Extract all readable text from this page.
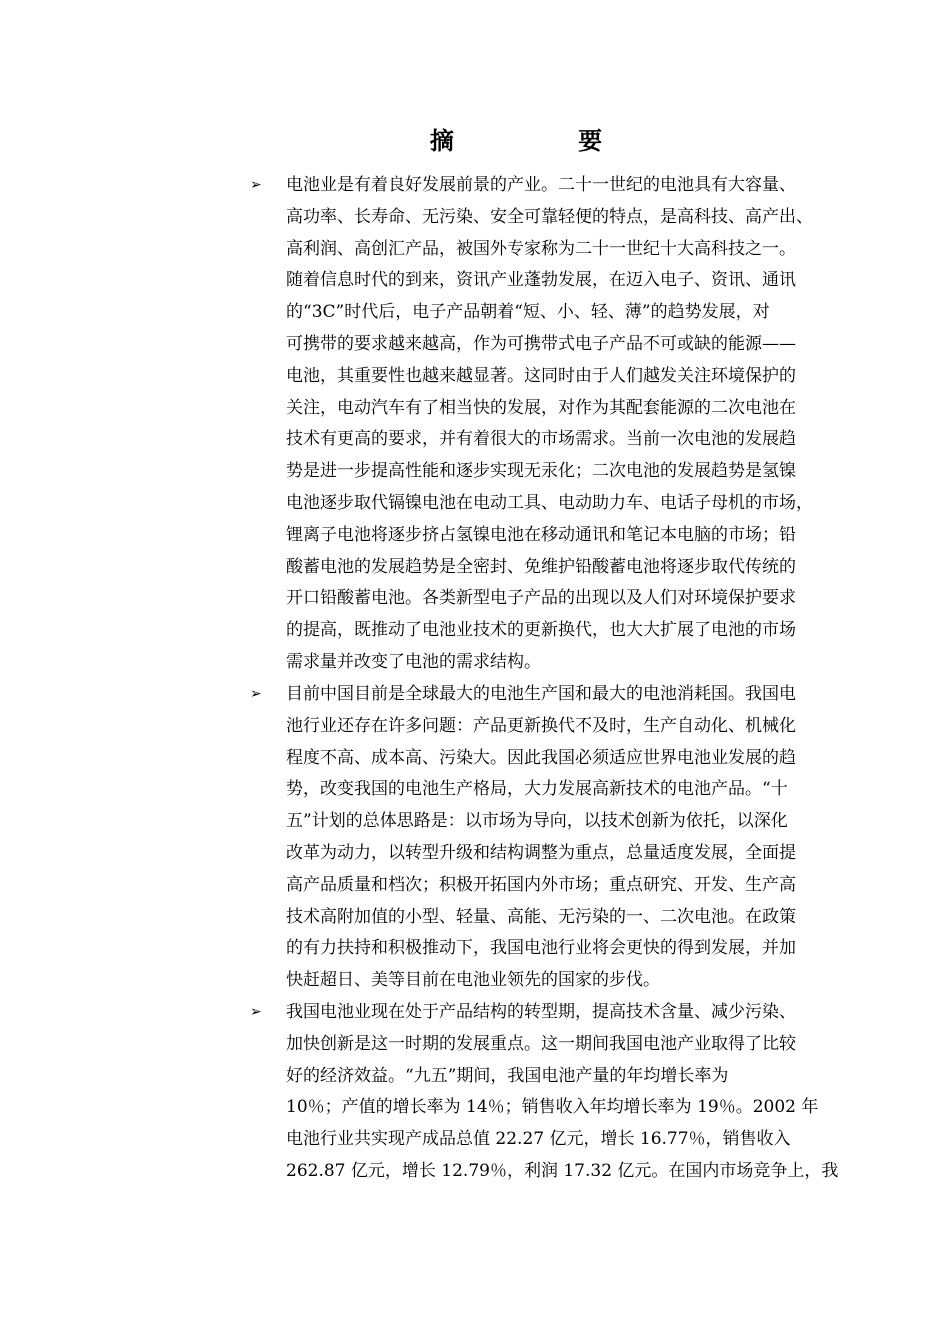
摘 要
➢ 电池业是有着良好发展前景的产业。二十一世纪的电池具有大容量、
高功率、长寿命、无污染、安全可靠轻便的特点，是高科技、高产出、
高利润、高创汇产品，被国外专家称为二十一世纪十大高科技之一。
随着信息时代的到来，资讯产业蓬勃发展，在迈入电子、资讯、通讯
的“3C”时代后，电子产品朝着“短、小、轻、薄”的趋势发展，对
可携带的要求越来越高，作为可携带式电子产品不可或缺的能源——
电池，其重要性也越来越显著。这同时由于人们越发关注环境保护的
关注，电动汽车有了相当快的发展，对作为其配套能源的二次电池在
技术有更高的要求，并有着很大的市场需求。当前一次电池的发展趋
势是进一步提高性能和逐步实现无汞化；二次电池的发展趋势是氢镍
电池逐步取代镉镍电池在电动工具、电动助力车、电话子母机的市场，
锂离子电池将逐步挤占氢镍电池在移动通讯和笔记本电脑的市场；铅
酸蓄电池的发展趋势是全密封、免维护铅酸蓄电池将逐步取代传统的
开口铅酸蓄电池。各类新型电子产品的出现以及人们对环境保护要求
的提高，既推动了电池业技术的更新换代，也大大扩展了电池的市场
需求量并改变了电池的需求结构。
➢ 目前中国目前是全球最大的电池生产国和最大的电池消耗国。我国电
池行业还存在许多问题：产品更新换代不及时，生产自动化、机械化
程度不高、成本高、污染大。因此我国必须适应世界电池业发展的趋
势，改变我国的电池生产格局，大力发展高新技术的电池产品。“十
五”计划的总体思路是：以市场为导向，以技术创新为依托，以深化
改革为动力，以转型升级和结构调整为重点，总量适度发展，全面提
高产品质量和档次；积极开拓国内外市场；重点研究、开发、生产高
技术高附加值的小型、轻量、高能、无污染的一、二次电池。在政策
的有力扶持和积极推动下，我国电池行业将会更快的得到发展，并加
快赶超日、美等目前在电池业领先的国家的步伐。
➢ 我国电池业现在处于产品结构的转型期，提高技术含量、减少污染、
加快创新是这一时期的发展重点。这一期间我国电池产业取得了比较
好的经济效益。“九五”期间，我国电池产量的年均增长率为
10％；产值的增长率为 14％；销售收入年均增长率为 19％。2002 年
电池行业共实现产成品总值 22.27 亿元，增长 16.77％，销售收入
262.87 亿元，增长 12.79％，利润 17.32 亿元。在国内市场竞争上，我
